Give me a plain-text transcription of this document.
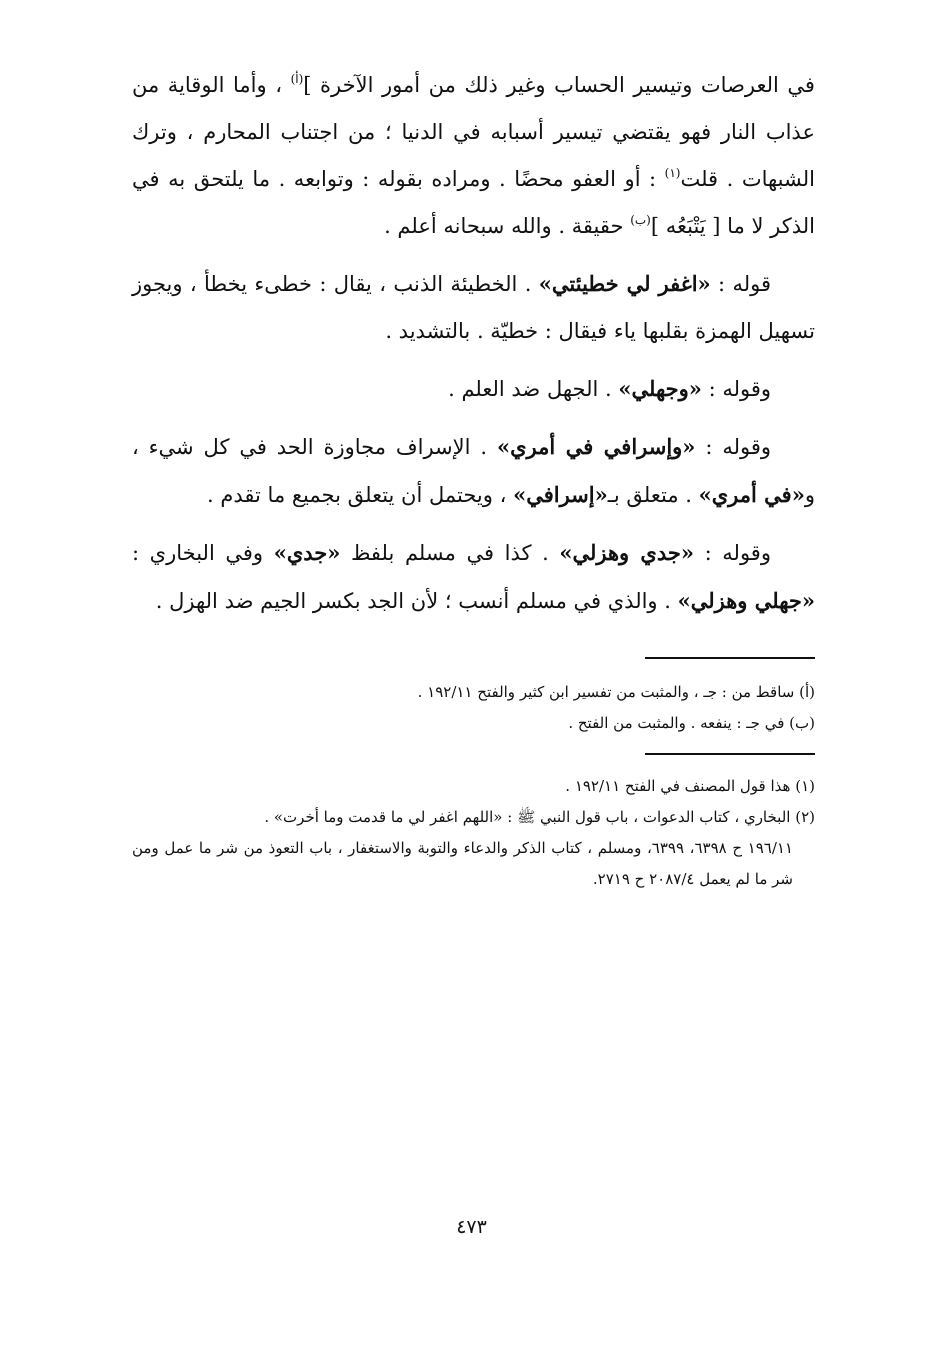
في العرصات وتيسير الحساب وغير ذلك من أمور الآخرة ]$^{(أ)}$ ، وأما الوقاية من عذاب النار فهو يقتضي تيسير أسبابه في الدنيا ؛ من اجتناب المحارم ، وترك الشبهات . قلت$^{(١)}$ : أو العفو محضًا . ومراده بقوله : وتوابعه . ما يلتحق به في الذكر لا ما [ يَتْبَعُه ]$^{(ب)}$ حقيقة . والله سبحانه أعلم .

قوله : «اغفر لي خطيئتي» . الخطيئة الذنب ، يقال : خطىء يخطأ ، ويجوز تسهيل الهمزة بقلبها ياء فيقال : خطيّة . بالتشديد .

وقوله : «وجهلي» . الجهل ضد العلم .

وقوله : «وإسرافي في أمري» . الإسراف مجاوزة الحد في كل شيء ، و«في أمري» . متعلق بـ«إسرافي» ، ويحتمل أن يتعلق بجميع ما تقدم .

وقوله : «جدي وهزلي» . كذا في مسلم بلفظ «جدي» وفي البخاري : «جهلي وهزلي» . والذي في مسلم أنسب ؛ لأن الجد بكسر الجيم ضد الهزل .

(أ) ساقط من : جـ ، والمثبت من تفسير ابن كثير والفتح ١٩٢/١١ .

(ب) في جـ : ينفعه . والمثبت من الفتح .

(١) هذا قول المصنف في الفتح ١٩٢/١١ .

(٢) البخاري ، كتاب الدعوات ، باب قول النبي ﷺ : «اللهم اغفر لي ما قدمت وما أخرت» .

١٩٦/١١ ح ٦٣٩٨، ٦٣٩٩، ومسلم ، كتاب الذكر والدعاء والتوبة والاستغفار ، باب التعوذ من شر ما عمل ومن شر ما لم يعمل ٢٠٨٧/٤ ح ٢٧١٩.

٤٧٣
